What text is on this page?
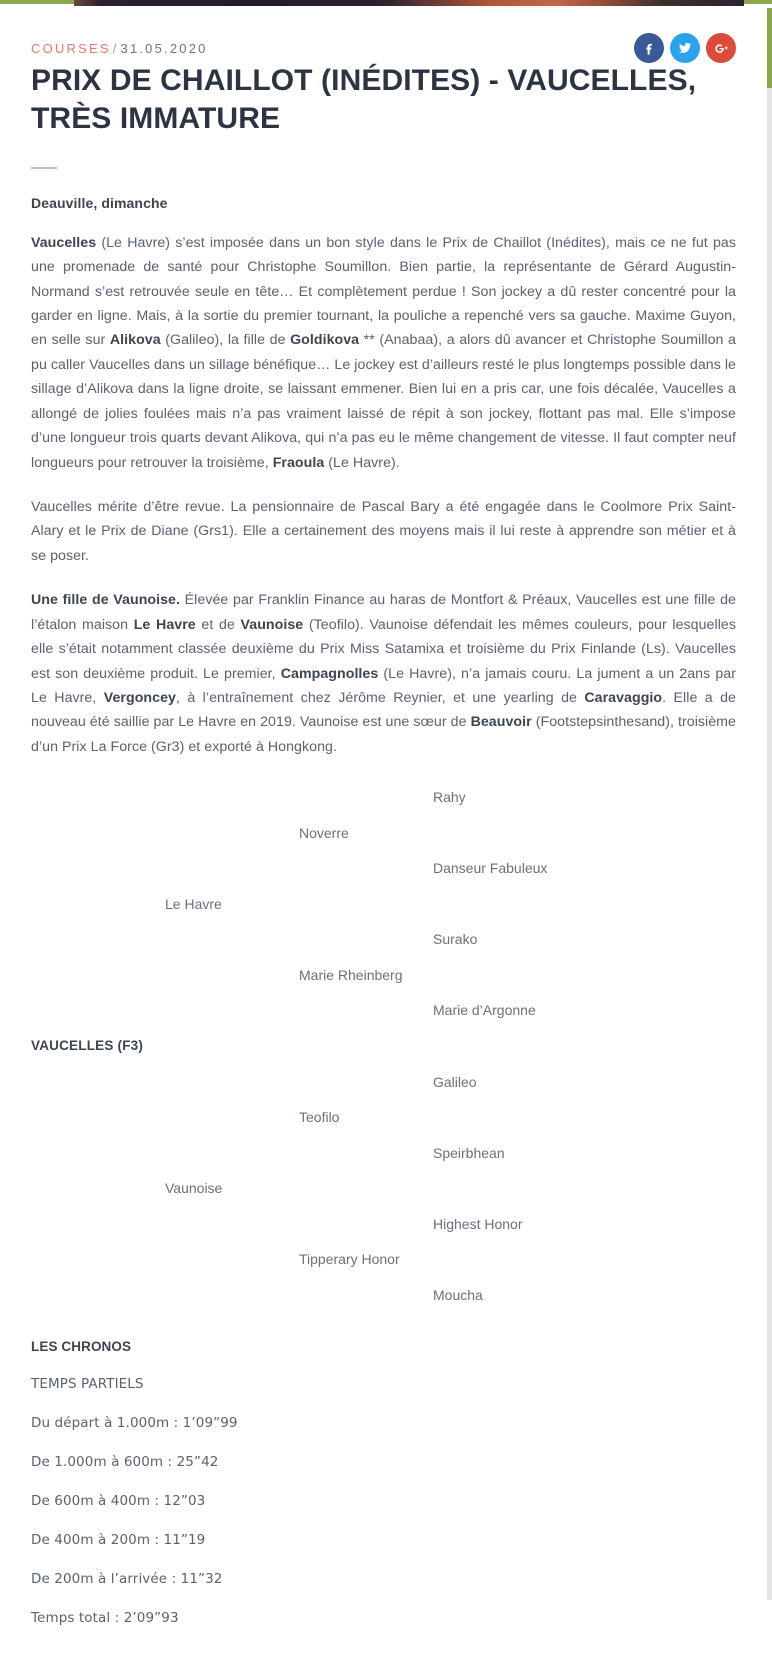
COURSES / 31.05.2020
PRIX DE CHAILLOT (INÉDITES) - VAUCELLES, TRÈS IMMATURE

Deauville, dimanche

Vaucelles (Le Havre) s’est imposée dans un bon style dans le Prix de Chaillot (Inédites), mais ce ne fut pas une promenade de santé pour Christophe Soumillon. Bien partie, la représentante de Gérard Augustin-Normand s’est retrouvée seule en tête… Et complètement perdue ! Son jockey a dû rester concentré pour la garder en ligne. Mais, à la sortie du premier tournant, la pouliche a repenché vers sa gauche. Maxime Guyon, en selle sur Alikova (Galileo), la fille de Goldikova ** (Anabaa), a alors dû avancer et Christophe Soumillon a pu caller Vaucelles dans un sillage bénéfique… Le jockey est d’ailleurs resté le plus longtemps possible dans le sillage d’Alikova dans la ligne droite, se laissant emmener. Bien lui en a pris car, une fois décalée, Vaucelles a allongé de jolies foulées mais n’a pas vraiment laissé de répit à son jockey, flottant pas mal. Elle s’impose d’une longueur trois quarts devant Alikova, qui n’a pas eu le même changement de vitesse. Il faut compter neuf longueurs pour retrouver la troisième, Fraoula (Le Havre).

Vaucelles mérite d’être revue. La pensionnaire de Pascal Bary a été engagée dans le Coolmore Prix Saint-Alary et le Prix de Diane (Grs1). Elle a certainement des moyens mais il lui reste à apprendre son métier et à se poser.

Une fille de Vaunoise. Élevée par Franklin Finance au haras de Montfort & Préaux, Vaucelles est une fille de l’étalon maison Le Havre et de Vaunoise (Teofilo). Vaunoise défendait les mêmes couleurs, pour lesquelles elle s’était notamment classée deuxième du Prix Miss Satamixa et troisième du Prix Finlande (Ls). Vaucelles est son deuxième produit. Le premier, Campagnolles (Le Havre), n’a jamais couru. La jument a un 2ans par Le Havre, Vergoncey, à l’entraînement chez Jérôme Reynier, et une yearling de Caravaggio. Elle a de nouveau été saillie par Le Havre en 2019. Vaunoise est une sœur de Beauvoir (Footstepsinthesand), troisième d’un Prix La Force (Gr3) et exporté à Hongkong.

Rahy
Noverre
Danseur Fabuleux
Le Havre
Surako
Marie Rheinberg
Marie d’Argonne
VAUCELLES (F3)
Galileo
Teofilo
Speirbhean
Vaunoise
Highest Honor
Tipperary Honor
Moucha
LES CHRONOS
TEMPS PARTIELS
Du départ à 1.000m : 1’09”99
De 1.000m à 600m : 25”42
De 600m à 400m : 12”03
De 400m à 200m : 11”19
De 200m à l’arrivée : 11”32
Temps total : 2’09”93
